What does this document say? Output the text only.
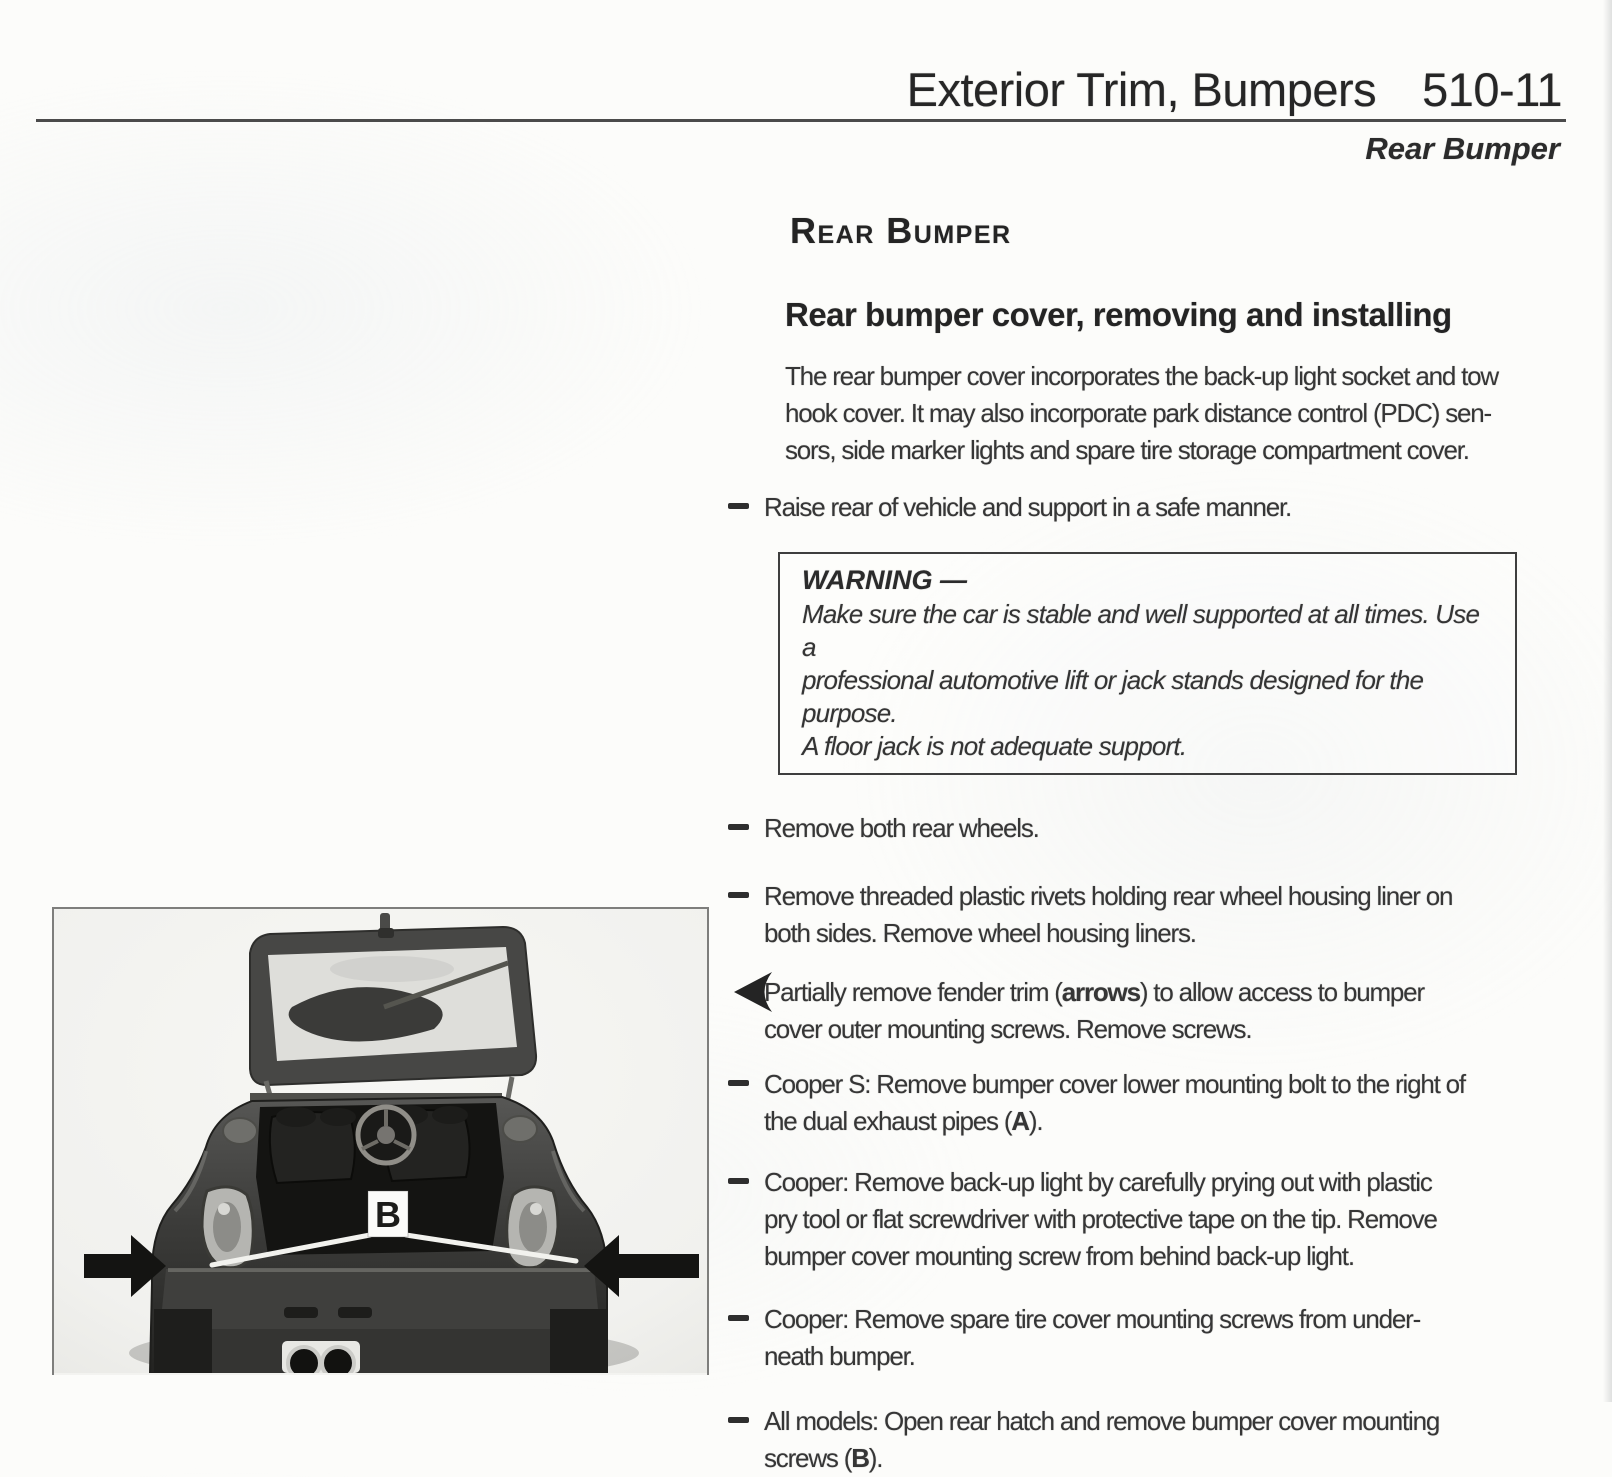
Exterior Trim, Bumpers 510-11
Rear Bumper
Rear Bumper
Rear bumper cover, removing and installing

The rear bumper cover incorporates the back-up light socket and tow
hook cover. It may also incorporate park distance control (PDC) sen-
sors, side marker lights and spare tire storage compartment cover.

Raise rear of vehicle and support in a safe manner.
WARNING —
Make sure the car is stable and well supported at all times. Use a
professional automotive lift or jack stands designed for the purpose.
A floor jack is not adequate support.
Remove both rear wheels.
Remove threaded plastic rivets holding rear wheel housing liner on
both sides. Remove wheel housing liners.
Partially remove fender trim (arrows) to allow access to bumper
cover outer mounting screws. Remove screws.
Cooper S: Remove bumper cover lower mounting bolt to the right of
the dual exhaust pipes (A).
Cooper: Remove back-up light by carefully prying out with plastic
pry tool or flat screwdriver with protective tape on the tip. Remove
bumper cover mounting screw from behind back-up light.
Cooper: Remove spare tire cover mounting screws from under-
neath bumper.
All models: Open rear hatch and remove bumper cover mounting
screws (B).
B
